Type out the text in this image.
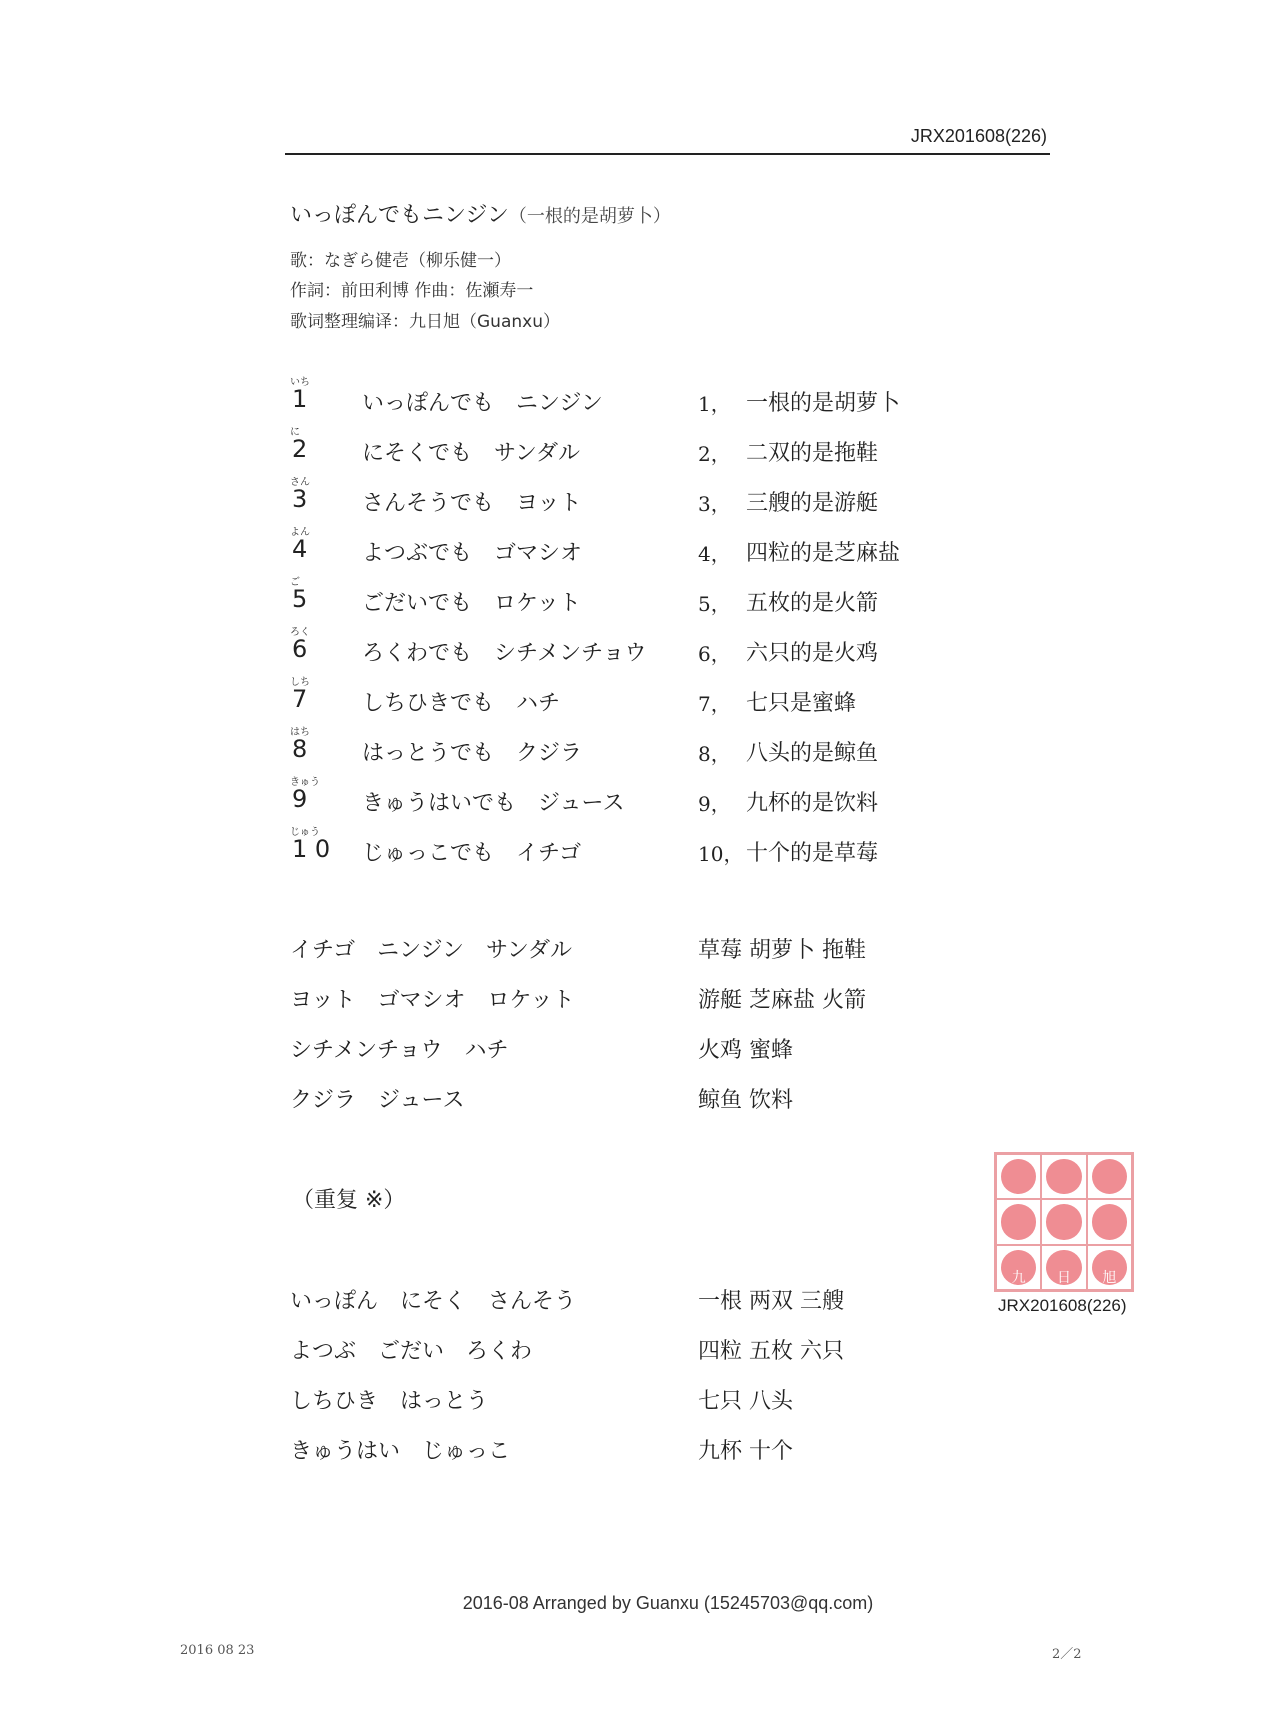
JRX201608(226)
いっぽんでもニンジン（一根的是胡萝卜）
歌：なぎら健壱（柳乐健一）
作詞：前田利博 作曲：佐瀬寿一
歌词整理编译：九日旭（Guanxu）
いち
1 いっぽんでも　ニンジン	1， 一根的是胡萝卜
に
2 にそくでも　サンダル	2， 二双的是拖鞋
さん
3 さんそうでも　ヨット	3， 三艘的是游艇
よん
4 よつぶでも　ゴマシオ	4， 四粒的是芝麻盐
ご
5 ごだいでも　ロケット	5， 五枚的是火箭
ろく
6 ろくわでも　シチメンチョウ	6， 六只的是火鸡
しち
7 しちひきでも　ハチ	7， 七只是蜜蜂
はち
8 はっとうでも　クジラ	8， 八头的是鲸鱼
きゅう
9 きゅうはいでも　ジュース	9， 九杯的是饮料
じゅう
1 0 じゅっこでも　イチゴ	10， 十个的是草莓
イチゴ　ニンジン　サンダル	草莓 胡萝卜 拖鞋
ヨット　ゴマシオ　ロケット	游艇 芝麻盐 火箭
シチメンチョウ　ハチ	火鸡 蜜蜂
クジラ　ジュース	鲸鱼 饮料
（重复 ※）
いっぽん　にそく　さんそう	一根 两双 三艘
よつぶ　ごだい　ろくわ	四粒 五枚 六只
しちひき　はっとう	七只 八头
きゅうはい　じゅっこ	九杯 十个
九	日	旭
JRX201608(226)
2016-08 Arranged by Guanxu (15245703@qq.com)
2016 08 23	2／2
